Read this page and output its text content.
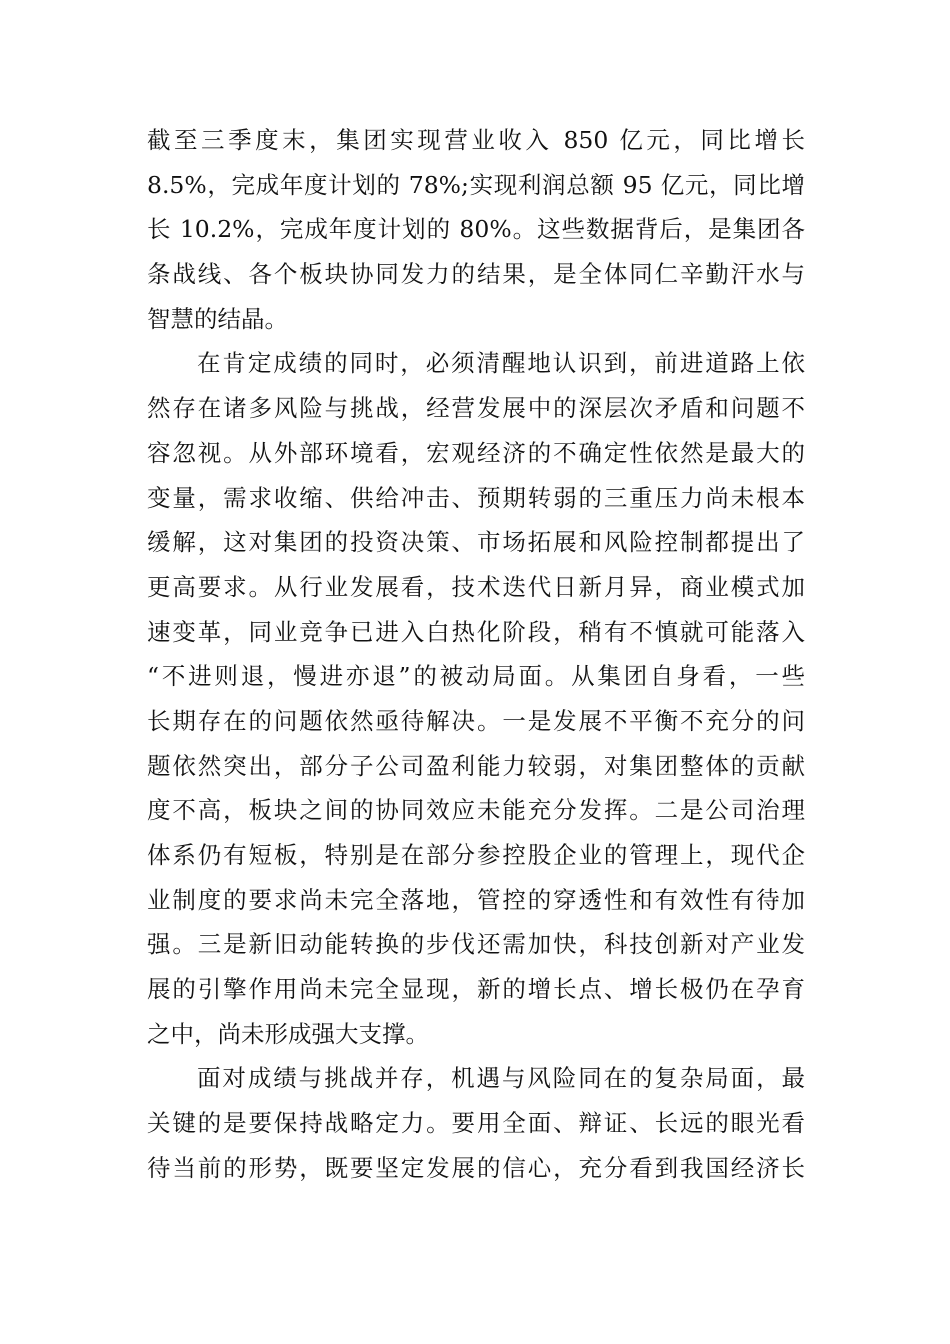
截至三季度末，集团实现营业收入 850 亿元，同比增长
8.5%，完成年度计划的 78%;实现利润总额 95 亿元，同比增
长 10.2%，完成年度计划的 80%。这些数据背后，是集团各
条战线、各个板块协同发力的结果，是全体同仁辛勤汗水与
智慧的结晶。
在肯定成绩的同时，必须清醒地认识到，前进道路上依
然存在诸多风险与挑战，经营发展中的深层次矛盾和问题不
容忽视。从外部环境看，宏观经济的不确定性依然是最大的
变量，需求收缩、供给冲击、预期转弱的三重压力尚未根本
缓解，这对集团的投资决策、市场拓展和风险控制都提出了
更高要求。从行业发展看，技术迭代日新月异，商业模式加
速变革，同业竞争已进入白热化阶段，稍有不慎就可能落入
“不进则退，慢进亦退”的被动局面。从集团自身看，一些
长期存在的问题依然亟待解决。一是发展不平衡不充分的问
题依然突出，部分子公司盈利能力较弱，对集团整体的贡献
度不高，板块之间的协同效应未能充分发挥。二是公司治理
体系仍有短板，特别是在部分参控股企业的管理上，现代企
业制度的要求尚未完全落地，管控的穿透性和有效性有待加
强。三是新旧动能转换的步伐还需加快，科技创新对产业发
展的引擎作用尚未完全显现，新的增长点、增长极仍在孕育
之中，尚未形成强大支撑。
面对成绩与挑战并存，机遇与风险同在的复杂局面，最
关键的是要保持战略定力。要用全面、辩证、长远的眼光看
待当前的形势，既要坚定发展的信心，充分看到我国经济长
